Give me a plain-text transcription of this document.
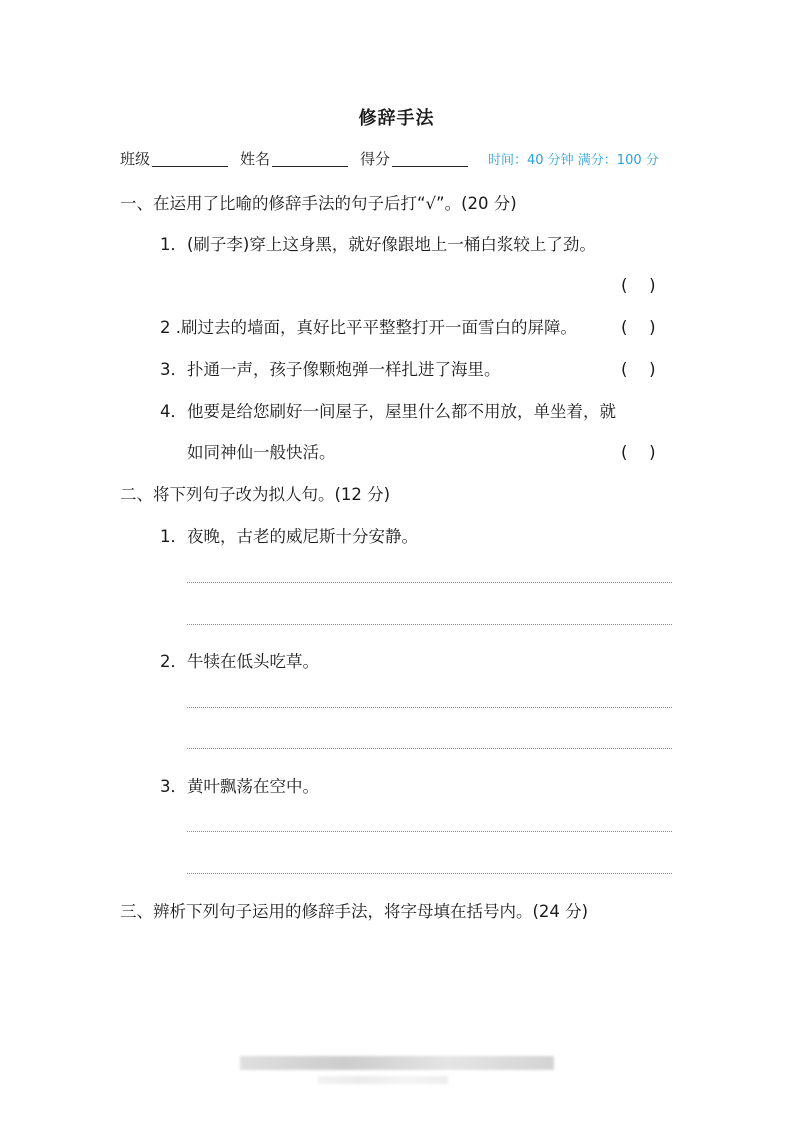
修辞手法
班级	姓名	得分	时间：40 分钟 满分：100 分
一、在运用了比喻的修辞手法的句子后打“√”。(20 分)
1．(刷子李)穿上这身黑，就好像跟地上一桶白浆较上了劲。
(　 )
2 .刷过去的墙面，真好比平平整整打开一面雪白的屏障。	(　 )
3．扑通一声，孩子像颗炮弹一样扎进了海里。	(　 )
4．他要是给您刷好一间屋子，屋里什么都不用放，单坐着，就
如同神仙一般快活。	(　 )
二、将下列句子改为拟人句。(12 分)
1．夜晚，古老的威尼斯十分安静。
2．牛犊在低头吃草。
3．黄叶飘荡在空中。
三、辨析下列句子运用的修辞手法，将字母填在括号内。(24 分)
